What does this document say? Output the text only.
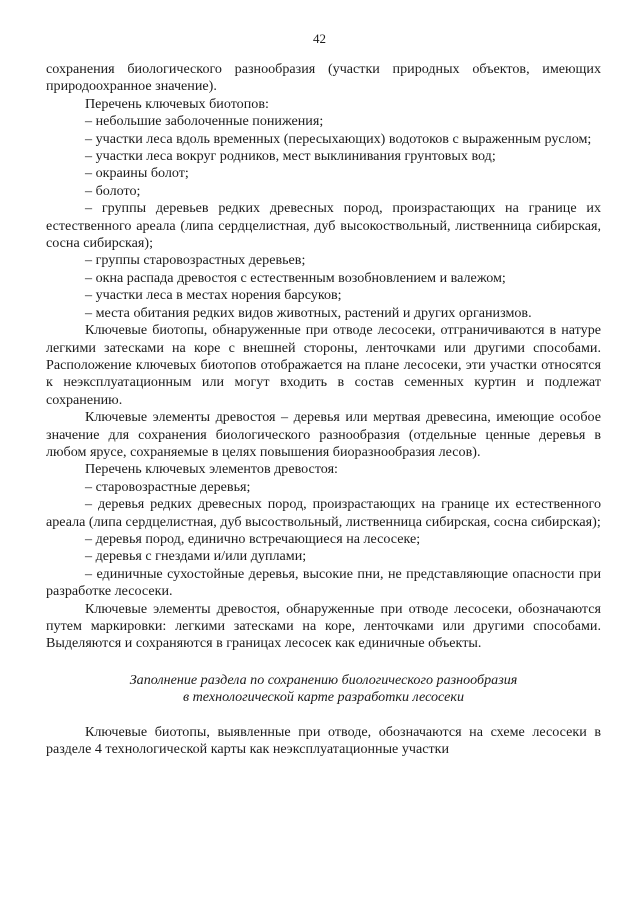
42

сохранения биологического разнообразия (участки природных объектов, имеющих природоохранное значение).

Перечень ключевых биотопов:

– небольшие заболоченные понижения;

– участки леса вдоль временных (пересыхающих) водотоков с выраженным руслом;

– участки леса вокруг родников, мест выклинивания грунтовых вод;

– окраины болот;

– болото;

– группы деревьев редких древесных пород, произрастающих на границе их естественного ареала (липа сердцелистная, дуб высокоствольный, лиственница сибирская, сосна сибирская);

– группы старовозрастных деревьев;

– окна распада древостоя с естественным возобновлением и валежом;

– участки леса в местах норения барсуков;

– места обитания редких видов животных, растений и других организмов.

Ключевые биотопы, обнаруженные при отводе лесосеки, отграничиваются в натуре легкими затесками на коре с внешней стороны, ленточками или другими способами. Расположение ключевых биотопов отображается на плане лесосеки, эти участки относятся к неэксплуатационным или могут входить в состав семенных куртин и подлежат сохранению.

Ключевые элементы древостоя – деревья или мертвая древесина, имеющие особое значение для сохранения биологического разнообразия (отдельные ценные деревья в любом ярусе, сохраняемые в целях повышения биоразнообразия лесов).

Перечень ключевых элементов древостоя:

– старовозрастные деревья;

– деревья редких древесных пород, произрастающих на границе их естественного ареала (липа сердцелистная, дуб высоствольный, лиственница сибирская, сосна сибирская);

– деревья пород, единично встречающиеся на лесосеке;

– деревья с гнездами и/или дуплами;

– единичные сухостойные деревья, высокие пни, не представляющие опасности при разработке лесосеки.

Ключевые элементы древостоя, обнаруженные при отводе лесосеки, обозначаются путем маркировки: легкими затесками на коре, ленточками или другими способами. Выделяются и сохраняются в границах лесосек как единичные объекты.

Заполнение раздела по сохранению биологического разнообразия

в технологической карте разработки лесосеки

Ключевые биотопы, выявленные при отводе, обозначаются на схеме лесосеки в разделе 4 технологической карты как неэксплуатационные участки
